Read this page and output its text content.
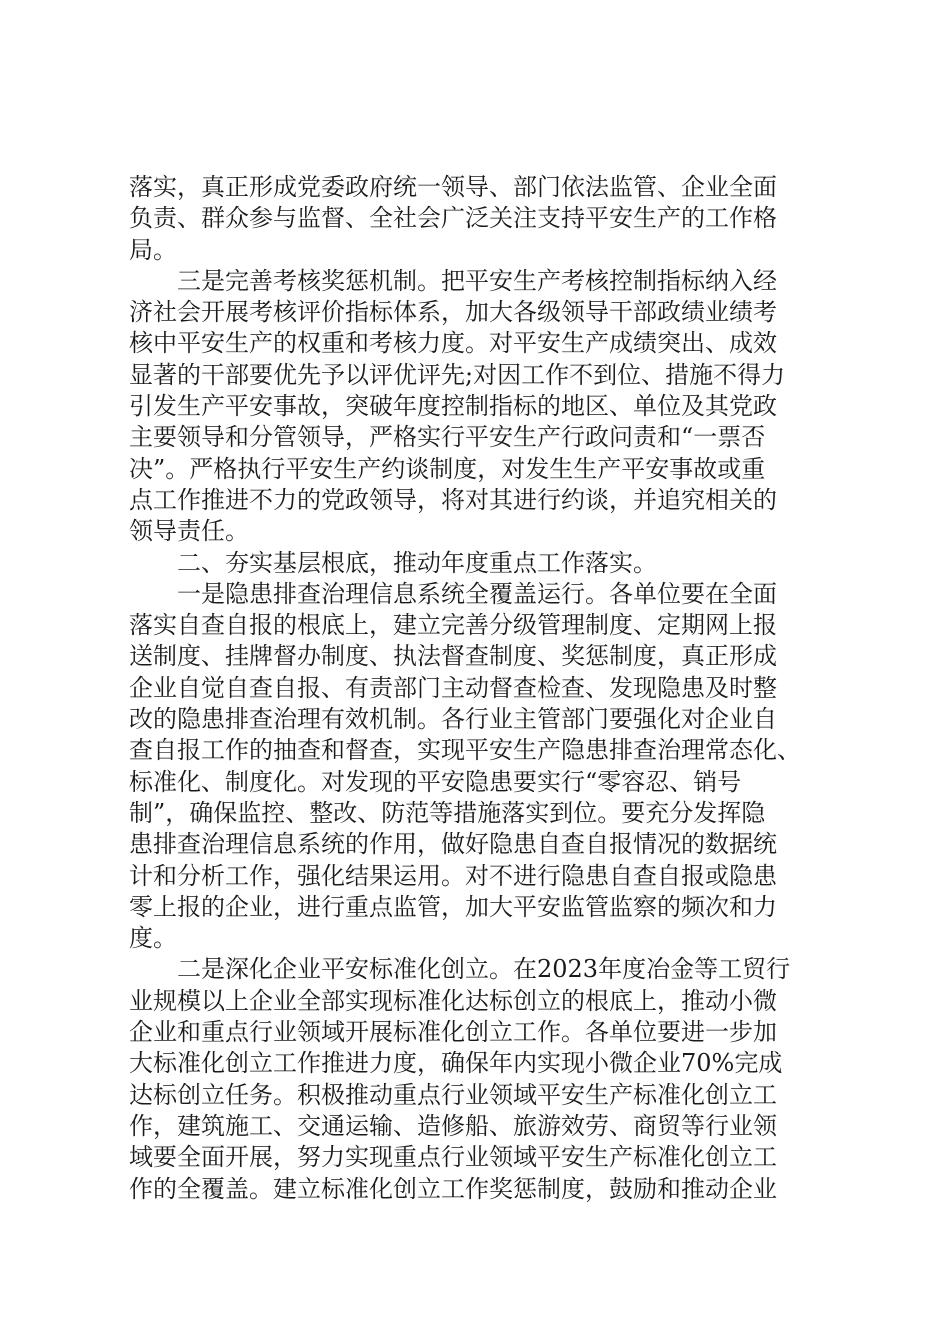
落实，真正形成党委政府统一领导、部门依法监管、企业全面
负责、群众参与监督、全社会广泛关注支持平安生产的工作格
局。
三是完善考核奖惩机制。把平安生产考核控制指标纳入经
济社会开展考核评价指标体系，加大各级领导干部政绩业绩考
核中平安生产的权重和考核力度。对平安生产成绩突出、成效
显著的干部要优先予以评优评先;对因工作不到位、措施不得力
引发生产平安事故，突破年度控制指标的地区、单位及其党政
主要领导和分管领导，严格实行平安生产行政问责和“一票否
决”。严格执行平安生产约谈制度，对发生生产平安事故或重
点工作推进不力的党政领导，将对其进行约谈，并追究相关的
领导责任。
二、夯实基层根底，推动年度重点工作落实。
一是隐患排查治理信息系统全覆盖运行。各单位要在全面
落实自查自报的根底上，建立完善分级管理制度、定期网上报
送制度、挂牌督办制度、执法督查制度、奖惩制度，真正形成
企业自觉自查自报、有责部门主动督查检查、发现隐患及时整
改的隐患排查治理有效机制。各行业主管部门要强化对企业自
查自报工作的抽查和督查，实现平安生产隐患排查治理常态化、
标准化、制度化。对发现的平安隐患要实行“零容忍、销号
制”，确保监控、整改、防范等措施落实到位。要充分发挥隐
患排查治理信息系统的作用，做好隐患自查自报情况的数据统
计和分析工作，强化结果运用。对不进行隐患自查自报或隐患
零上报的企业，进行重点监管，加大平安监管监察的频次和力
度。
二是深化企业平安标准化创立。在2023年度冶金等工贸行
业规模以上企业全部实现标准化达标创立的根底上，推动小微
企业和重点行业领域开展标准化创立工作。各单位要进一步加
大标准化创立工作推进力度，确保年内实现小微企业70%完成
达标创立任务。积极推动重点行业领域平安生产标准化创立工
作，建筑施工、交通运输、造修船、旅游效劳、商贸等行业领
域要全面开展，努力实现重点行业领域平安生产标准化创立工
作的全覆盖。建立标准化创立工作奖惩制度，鼓励和推动企业
